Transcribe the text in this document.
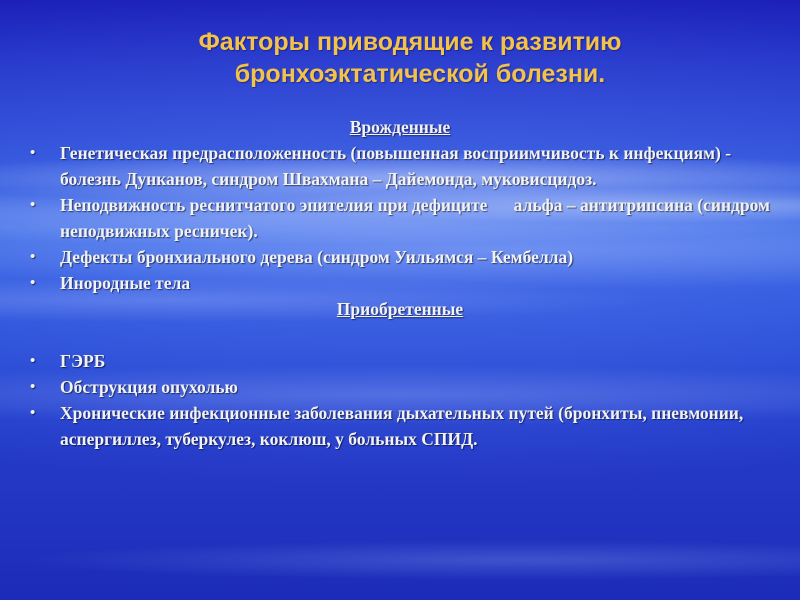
Факторы приводящие к развитию
бронхоэктатической болезни.
Врожденные
• Генетическая предрасположенность (повышенная восприимчивость к инфекциям) - болезнь Дунканов, синдром Швахмана – Дайемонда, муковисцидоз.
• Неподвижность реснитчатого эпителия при дефиците      альфа – антитрипсина (синдром неподвижных ресничек).
• Дефекты бронхиального дерева (синдром Уильямся – Кембелла)
• Инородные тела
Приобретенные
• ГЭРБ
• Обструкция опухолью
• Хронические инфекционные заболевания дыхательных путей (бронхиты, пневмонии, аспергиллез, туберкулез, коклюш, у больных СПИД.
